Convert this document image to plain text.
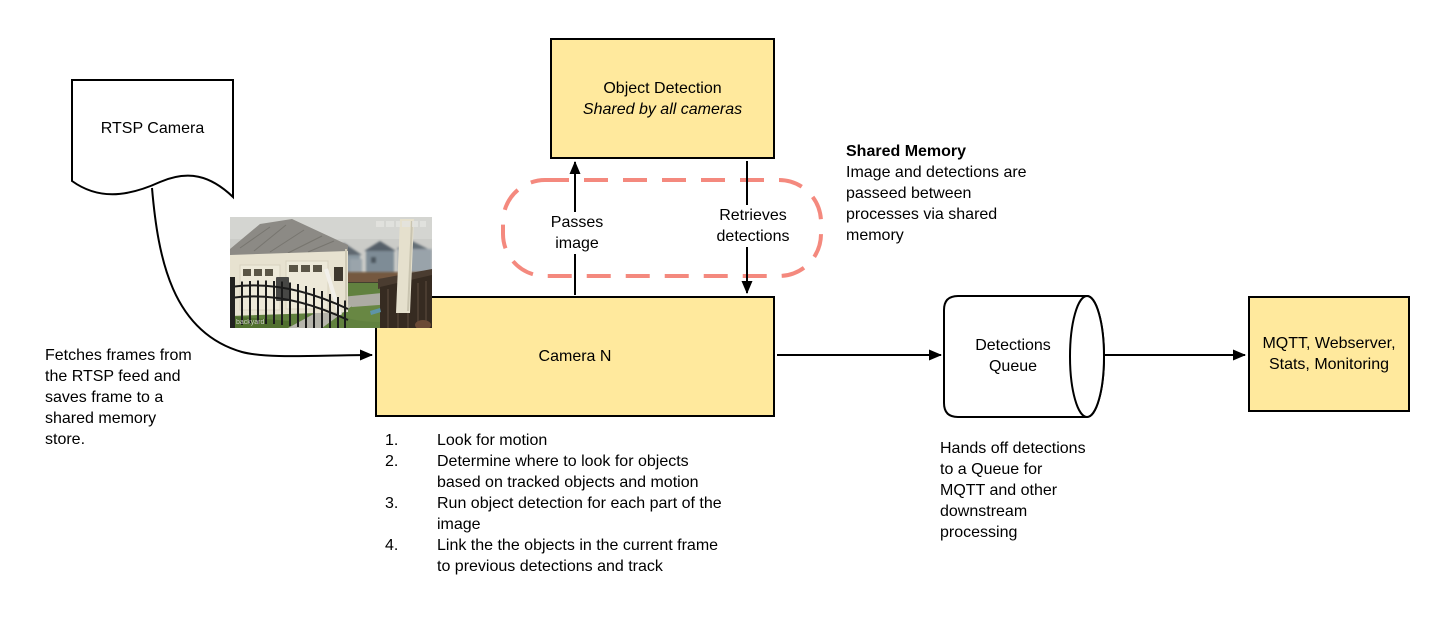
Object Detection
Shared by all cameras
Camera N
MQTT, Webserver,
Stats, Monitoring
backyard
RTSP Camera
Detections
Queue
Passes
image
Retrieves
detections
Fetches frames from
the RTSP feed and
saves frame to a
shared memory
store.
Shared Memory
Image and detections are
passeed between
processes via shared
memory
Hands off detections
to a Queue for
MQTT and other
downstream
processing
1.	Look for motion
2.	Determine where to look for objects
based on tracked objects and motion
3.	Run object detection for each part of the
image
4.	Link the the objects in the current frame
to previous detections and track
